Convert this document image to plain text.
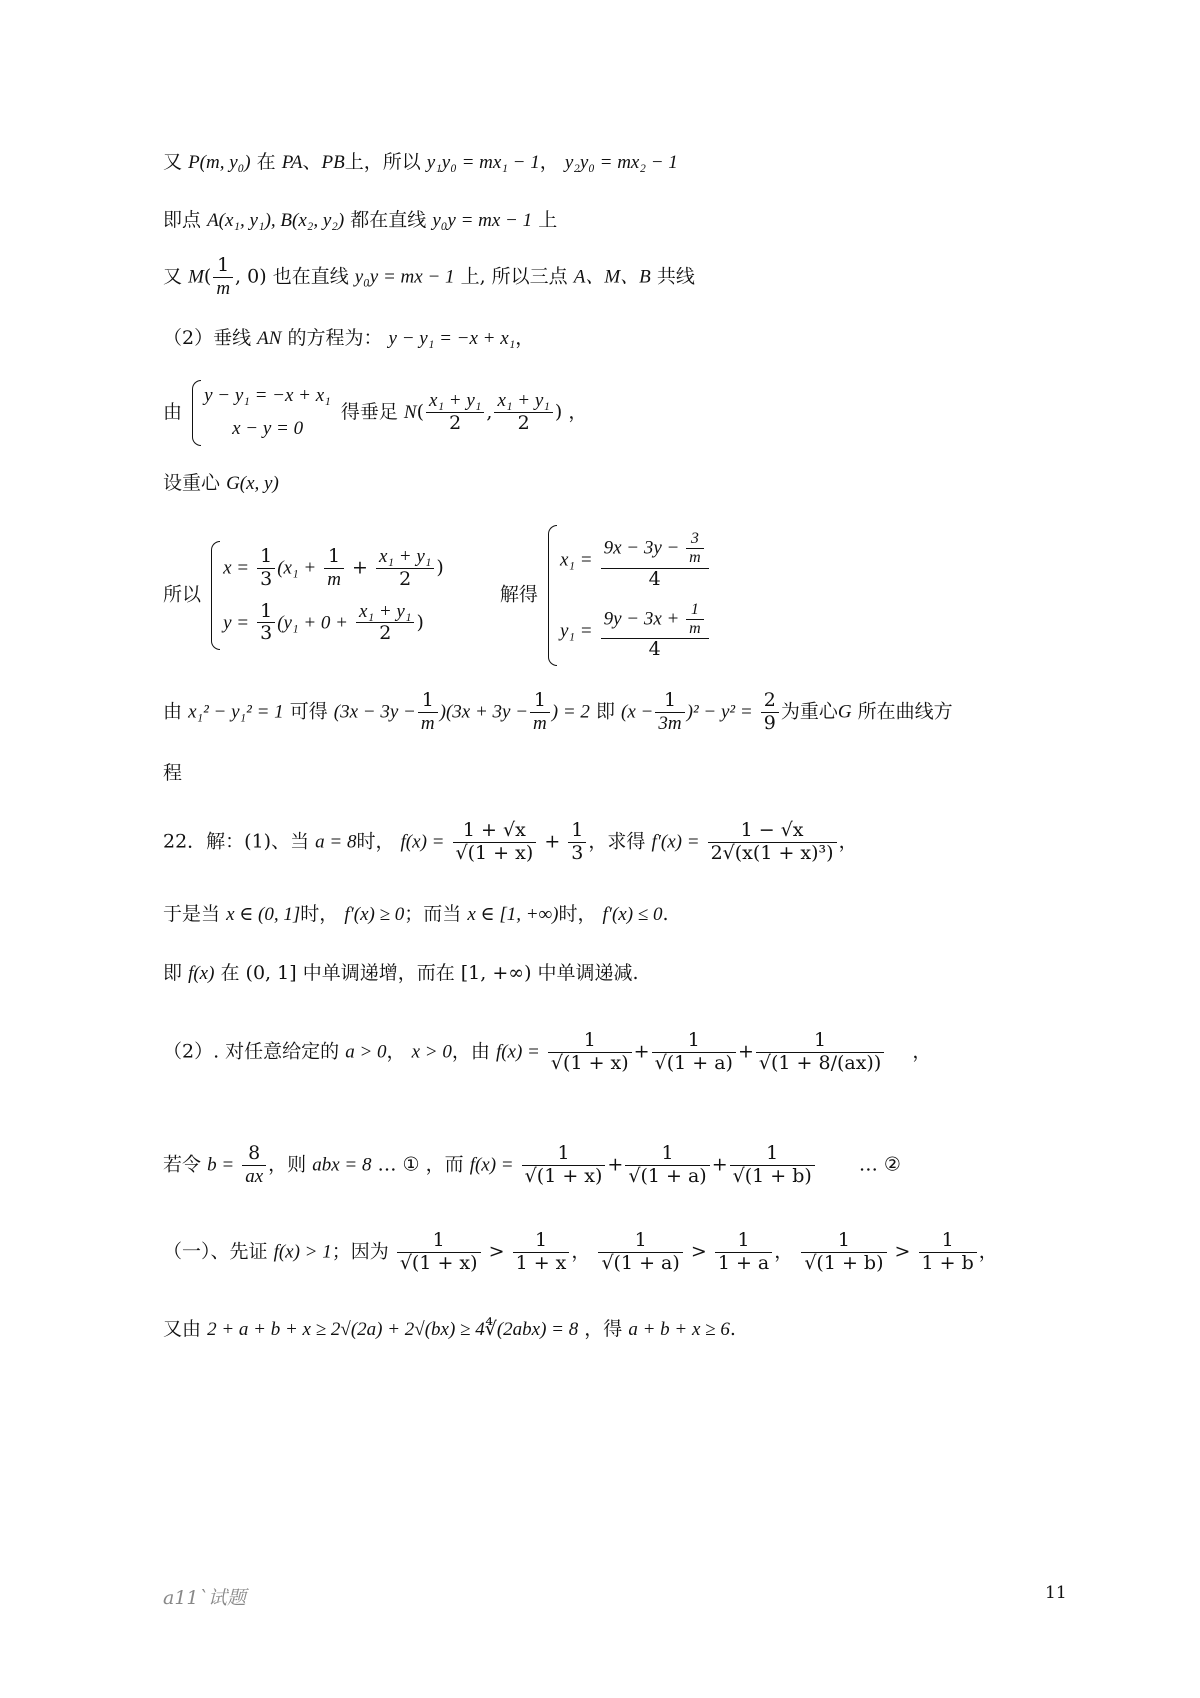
又 P(m, y₀) 在 PA、PB上，所以 y₁y₀ = mx₁ − 1， y₂y₀ = mx₂ − 1
即点 A(x₁, y₁), B(x₂, y₂) 都在直线 y₀y = mx − 1 上
又 $M( \frac{1}{m}$ , 0) 也在直线 y₀y = mx − 1 上, 所以三点 A、M、B 共线
（2）垂线 AN 的方程为： y − y₁ = −x + x₁，
由
y − y₁ = −x + x₁
x − y = 0
得垂足 $N( \frac{\text{x₁ + y₁}}{2}$ , $\frac{\text{x₁ + y₁}}{2}$ ) ，
设重心 G(x, y)
所以
$x = \frac{1}{3} (x_1 + \frac{1}{m} + \frac{\text{x₁ + y₁}}{2}$ )
$y = \frac{1}{3} (y_1 + 0 + \frac{\text{x₁ + y₁}}{2}$ )
解得
$x_1 = \frac{9x - 3y - \frac{3}{m}}{4}$
$y_1 = \frac{9y - 3x + \frac{1}{m}}{4}$
由 x₁² − y₁² = 1 可得 $(3x - 3y - \frac{1}{m} )(3x + 3y - \frac{1}{m}$ ) = 2 即 $(x - \frac{1}{3m} )^2 - y^2 = \frac{2}{9}$ 为重心G 所在曲线方
程
22．解：(1)、当 a = 8时， $f(x) = \frac{1 + √x}{√(1 + x)} + \frac{1}{3}$ ，求得 $f'(x) = \frac{1 - √x}{\text{2√(x(1 + x)³)}}$ ，
于是当 x ∈ (0, 1]时， f′(x) ≥ 0；而当 x ∈ [1, +∞)时， f′(x) ≤ 0.
即 f(x) 在 (0, 1] 中单调递增，而在 [1, +∞) 中单调递减.
（2）. 对任意给定的 a > 0， x > 0，由 $f(x) = \frac{1}{√(1 + x)} + \frac{1}{√(1 + a)} + \frac{1}{√(1 + 8/(ax))}$ ，
若令 $b = \frac{8}{ax}$ ，则 abx = 8 … ① ，而 $f(x) = \frac{1}{√(1 + x)} + \frac{1}{√(1 + a)} + \frac{1}{√(1 + b)}$ … ②
（一）、先证 f(x) > 1；因为 $\frac{1}{√(1 + x)} > \frac{1}{1 + x}$ ， $\frac{1}{√(1 + a)} > \frac{1}{1 + a}$ ， $\frac{1}{√(1 + b)} > \frac{1}{1 + b}$ ，
又由 2 + a + b + x ≥ 2√(2a) + 2√(bx) ≥ 4∜(2abx) = 8 ，得 a + b + x ≥ 6.
a11`试题	11
